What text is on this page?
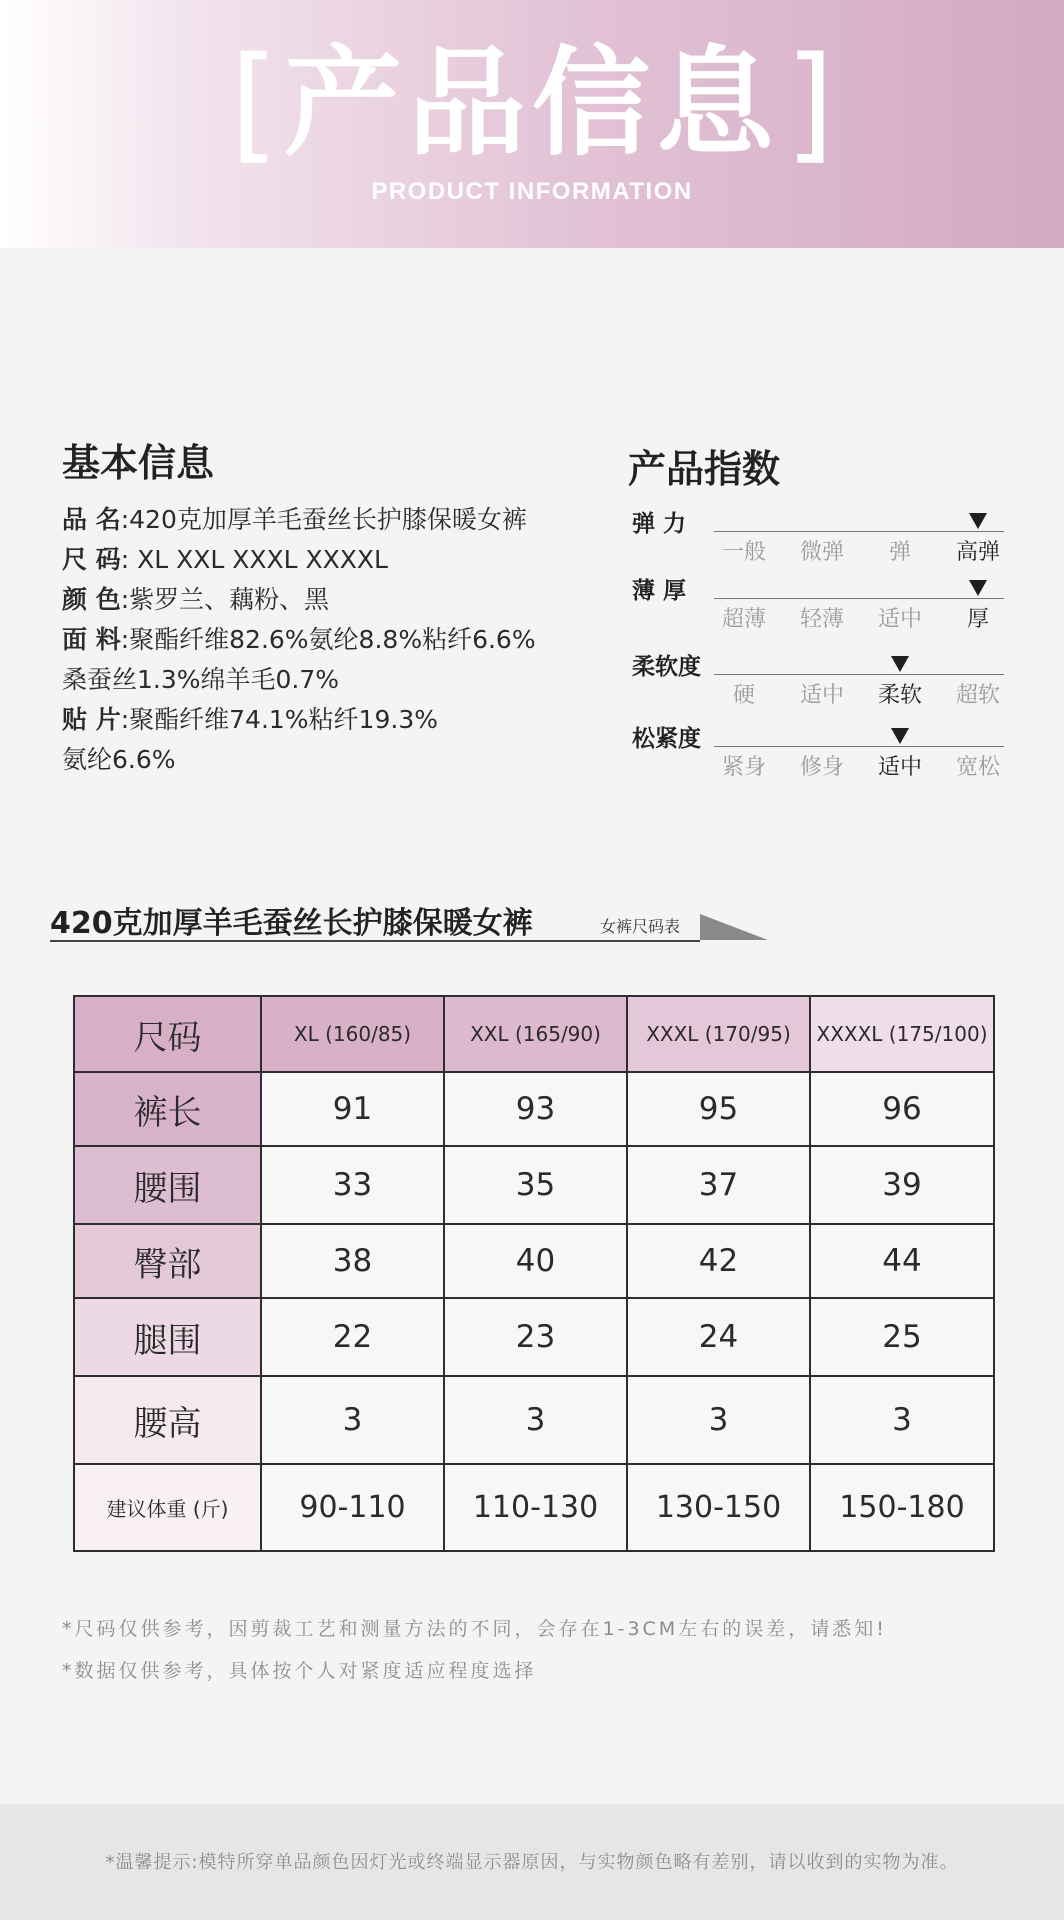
[ 产品信息 ]
PRODUCT INFORMATION
基本信息
品 名:420克加厚羊毛蚕丝长护膝保暖女裤
尺 码: XL XXL XXXL XXXXL
颜 色:紫罗兰、藕粉、黑
面 料:聚酯纤维82.6%氨纶8.8%粘纤6.6%
桑蚕丝1.3%绵羊毛0.7%
贴 片:聚酯纤维74.1%粘纤19.3%
氨纶6.6%
产品指数
弹 力
一般	微弹	弹	高弹
薄 厚
超薄	轻薄	适中	厚
柔软度
硬	适中	柔软	超软
松紧度
紧身	修身	适中	宽松
420克加厚羊毛蚕丝长护膝保暖女裤	女裤尺码表
尺码	XL (160/85)	XXL (165/90)	XXXL (170/95)	XXXXL (175/100)
裤长	91	93	95	96
腰围	33	35	37	39
臀部	38	40	42	44
腿围	22	23	24	25
腰高	3	3	3	3
建议体重 (斤)	90-110	110-130	130-150	150-180
*尺码仅供参考，因剪裁工艺和测量方法的不同，会存在1-3CM左右的误差，请悉知!
*数据仅供参考，具体按个人对紧度适应程度选择
*温馨提示:模特所穿单品颜色因灯光或终端显示器原因，与实物颜色略有差别，请以收到的实物为准。
